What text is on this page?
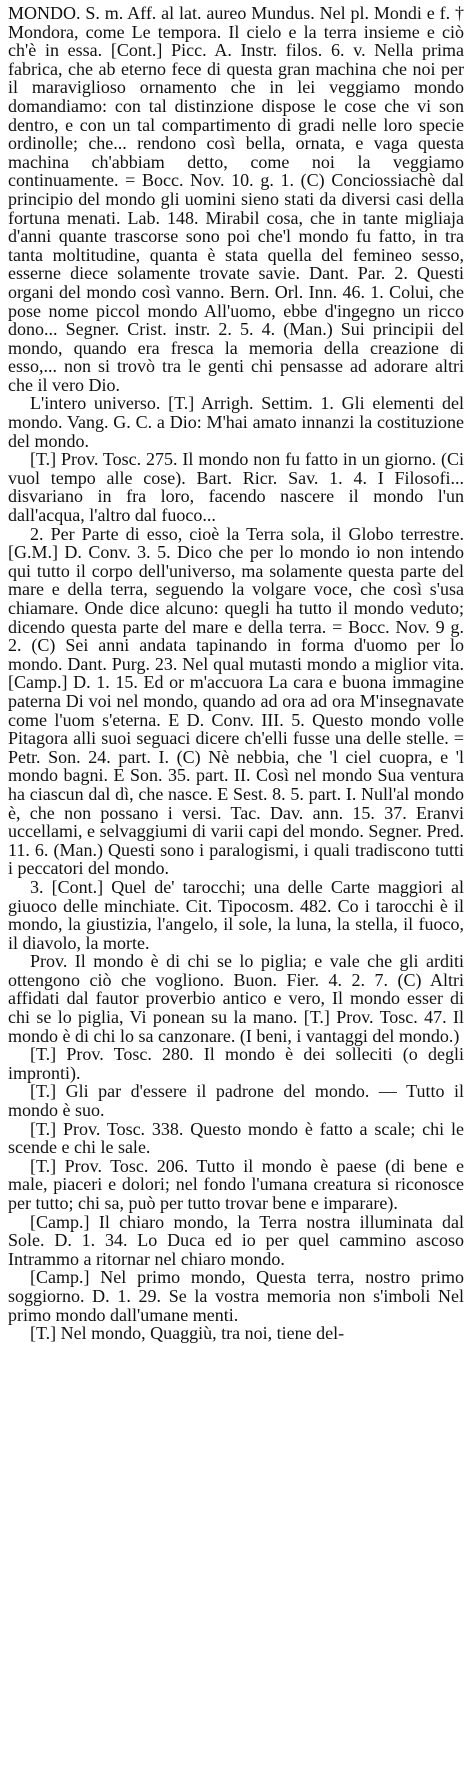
MONDO. S. m. Aff. al lat. aureo Mundus. Nel pl. Mondi e f. † Mondora, come Le tempora. Il cielo e la terra insieme e ciò ch'è in essa. [Cont.] Picc. A. Instr. filos. 6. v. Nella prima fabrica, che ab eterno fece di questa gran machina che noi per il maraviglioso ornamento che in lei veggiamo mondo domandiamo: con tal distinzione dispose le cose che vi son dentro, e con un tal compartimento di gradi nelle loro specie ordinolle; che... rendono così bella, ornata, e vaga questa machina ch'abbiam detto, come noi la veggiamo continuamente. = Bocc. Nov. 10. g. 1. (C) Conciossiachè dal principio del mondo gli uomini sieno stati da diversi casi della fortuna menati. Lab. 148. Mirabil cosa, che in tante migliaja d'anni quante trascorse sono poi che'l mondo fu fatto, in tra tanta moltitudine, quanta è stata quella del femineo sesso, esserne diece solamente trovate savie. Dant. Par. 2. Questi organi del mondo così vanno. Bern. Orl. Inn. 46. 1. Colui, che pose nome piccol mondo All'uomo, ebbe d'ingegno un ricco dono... Segner. Crist. instr. 2. 5. 4. (Man.) Sui principii del mondo, quando era fresca la memoria della creazione di esso,... non si trovò tra le genti chi pensasse ad adorare altri che il vero Dio.

L'intero universo. [T.] Arrigh. Settim. 1. Gli elementi del mondo. Vang. G. C. a Dio: M'hai amato innanzi la costituzione del mondo.

[T.] Prov. Tosc. 275. Il mondo non fu fatto in un giorno. (Ci vuol tempo alle cose). Bart. Ricr. Sav. 1. 4. I Filosofi... disvariano in fra loro, facendo nascere il mondo l'un dall'acqua, l'altro dal fuoco...

2. Per Parte di esso, cioè la Terra sola, il Globo terrestre. [G.M.] D. Conv. 3. 5. Dico che per lo mondo io non intendo qui tutto il corpo dell'universo, ma solamente questa parte del mare e della terra, seguendo la volgare voce, che così s'usa chiamare. Onde dice alcuno: quegli ha tutto il mondo veduto; dicendo questa parte del mare e della terra. = Bocc. Nov. 9 g. 2. (C) Sei anni andata tapinando in forma d'uomo per lo mondo. Dant. Purg. 23. Nel qual mutasti mondo a miglior vita. [Camp.] D. 1. 15. Ed or m'accuora La cara e buona immagine paterna Di voi nel mondo, quando ad ora ad ora M'insegnavate come l'uom s'eterna. E D. Conv. III. 5. Questo mondo volle Pitagora alli suoi seguaci dicere ch'elli fusse una delle stelle. = Petr. Son. 24. part. I. (C) Nè nebbia, che 'l ciel cuopra, e 'l mondo bagni. E Son. 35. part. II. Così nel mondo Sua ventura ha ciascun dal dì, che nasce. E Sest. 8. 5. part. I. Null'al mondo è, che non possano i versi. Tac. Dav. ann. 15. 37. Eranvi uccellami, e selvaggiumi di varii capi del mondo. Segner. Pred. 11. 6. (Man.) Questi sono i paralogismi, i quali tradiscono tutti i peccatori del mondo.

3. [Cont.] Quel de' tarocchi; una delle Carte maggiori al giuoco delle minchiate. Cit. Tipocosm. 482. Co i tarocchi è il mondo, la giustizia, l'angelo, il sole, la luna, la stella, il fuoco, il diavolo, la morte.

Prov. Il mondo è di chi se lo piglia; e vale che gli arditi ottengono ciò che vogliono. Buon. Fier. 4. 2. 7. (C) Altri affidati dal fautor proverbio antico e vero, Il mondo esser di chi se lo piglia, Vi ponean su la mano. [T.] Prov. Tosc. 47. Il mondo è di chi lo sa canzonare. (I beni, i vantaggi del mondo.)

[T.] Prov. Tosc. 280. Il mondo è dei solleciti (o degli impronti).

[T.] Gli par d'essere il padrone del mondo. — Tutto il mondo è suo.

[T.] Prov. Tosc. 338. Questo mondo è fatto a scale; chi le scende e chi le sale.

[T.] Prov. Tosc. 206. Tutto il mondo è paese (di bene e male, piaceri e dolori; nel fondo l'umana creatura si riconosce per tutto; chi sa, può per tutto trovar bene e imparare).

[Camp.] Il chiaro mondo, la Terra nostra illuminata dal Sole. D. 1. 34. Lo Duca ed io per quel cammino ascoso Intrammo a ritornar nel chiaro mondo.

[Camp.] Nel primo mondo, Questa terra, nostro primo soggiorno. D. 1. 29. Se la vostra memoria non s'imboli Nel primo mondo dall'umane menti.

[T.] Nel mondo, Quaggiù, tra noi, tiene del-
